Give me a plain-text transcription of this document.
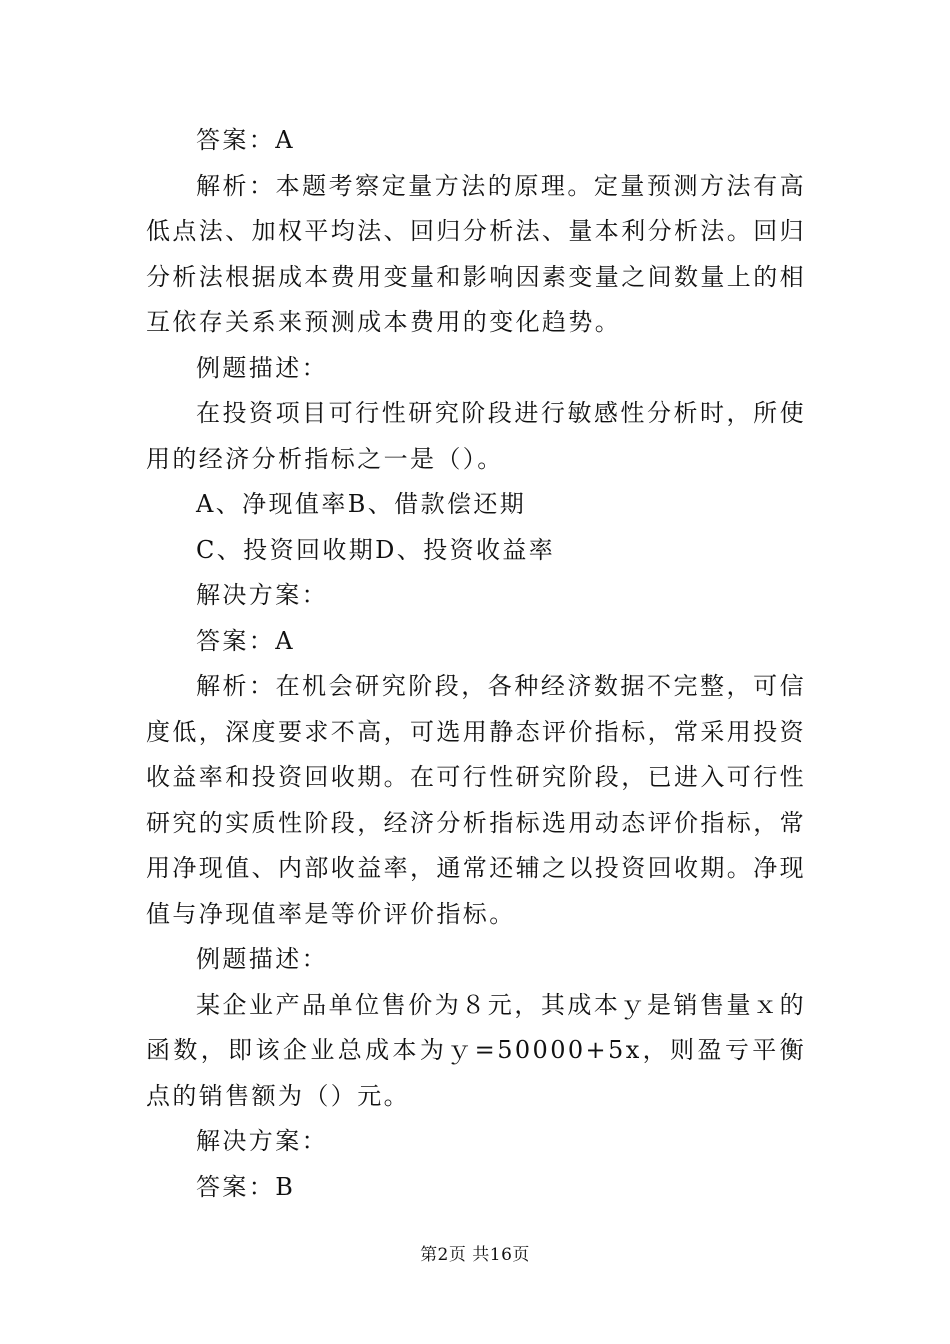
答案：A

解析：本题考察定量方法的原理。定量预测方法有高低点法、加权平均法、回归分析法、量本利分析法。回归分析法根据成本费用变量和影响因素变量之间数量上的相互依存关系来预测成本费用的变化趋势。

例题描述：

在投资项目可行性研究阶段进行敏感性分析时，所使用的经济分析指标之一是（）。

A、净现值率B、借款偿还期

C、投资回收期D、投资收益率

解决方案：

答案：A

解析：在机会研究阶段，各种经济数据不完整，可信度低，深度要求不高，可选用静态评价指标，常采用投资收益率和投资回收期。在可行性研究阶段，已进入可行性研究的实质性阶段，经济分析指标选用动态评价指标，常用净现值、内部收益率，通常还辅之以投资回收期。净现值与净现值率是等价评价指标。

例题描述：

某企业产品单位售价为８元，其成本ｙ是销售量ｘ的函数，即该企业总成本为ｙ=50000+5x，则盈亏平衡点的销售额为（）元。

解决方案：

答案：B

第2页 共16页
